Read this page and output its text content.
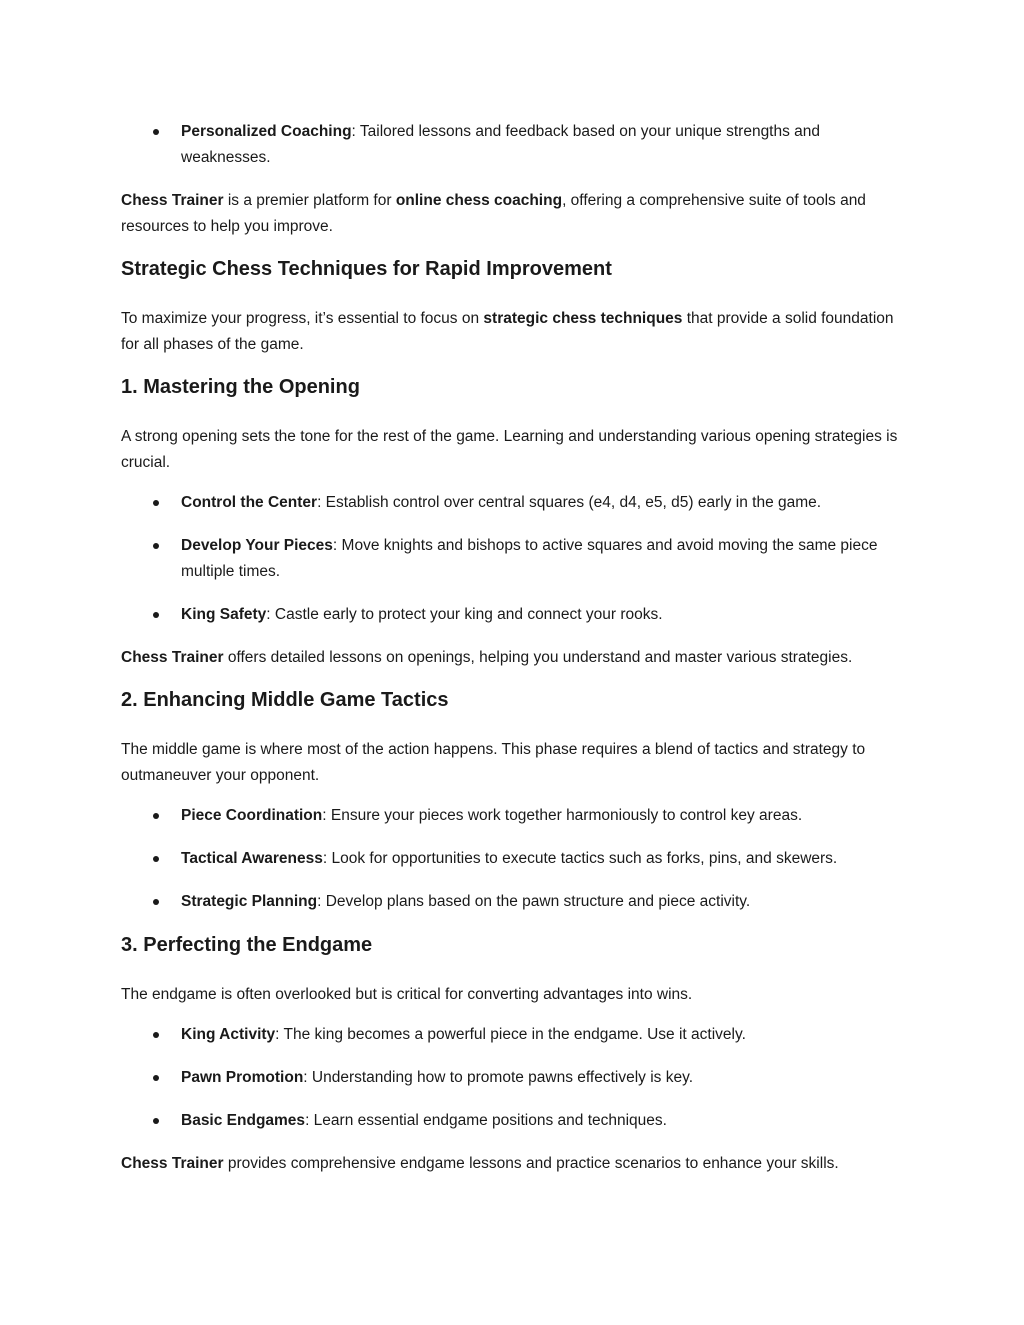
Personalized Coaching: Tailored lessons and feedback based on your unique strengths and weaknesses.

Chess Trainer is a premier platform for online chess coaching, offering a comprehensive suite of tools and resources to help you improve.

Strategic Chess Techniques for Rapid Improvement

To maximize your progress, it’s essential to focus on strategic chess techniques that provide a solid foundation for all phases of the game.

1. Mastering the Opening

A strong opening sets the tone for the rest of the game. Learning and understanding various opening strategies is crucial.

Control the Center: Establish control over central squares (e4, d4, e5, d5) early in the game.
Develop Your Pieces: Move knights and bishops to active squares and avoid moving the same piece multiple times.
King Safety: Castle early to protect your king and connect your rooks.

Chess Trainer offers detailed lessons on openings, helping you understand and master various strategies.

2. Enhancing Middle Game Tactics

The middle game is where most of the action happens. This phase requires a blend of tactics and strategy to outmaneuver your opponent.

Piece Coordination: Ensure your pieces work together harmoniously to control key areas.
Tactical Awareness: Look for opportunities to execute tactics such as forks, pins, and skewers.
Strategic Planning: Develop plans based on the pawn structure and piece activity.
3. Perfecting the Endgame

The endgame is often overlooked but is critical for converting advantages into wins.

King Activity: The king becomes a powerful piece in the endgame. Use it actively.
Pawn Promotion: Understanding how to promote pawns effectively is key.
Basic Endgames: Learn essential endgame positions and techniques.

Chess Trainer provides comprehensive endgame lessons and practice scenarios to enhance your skills.
